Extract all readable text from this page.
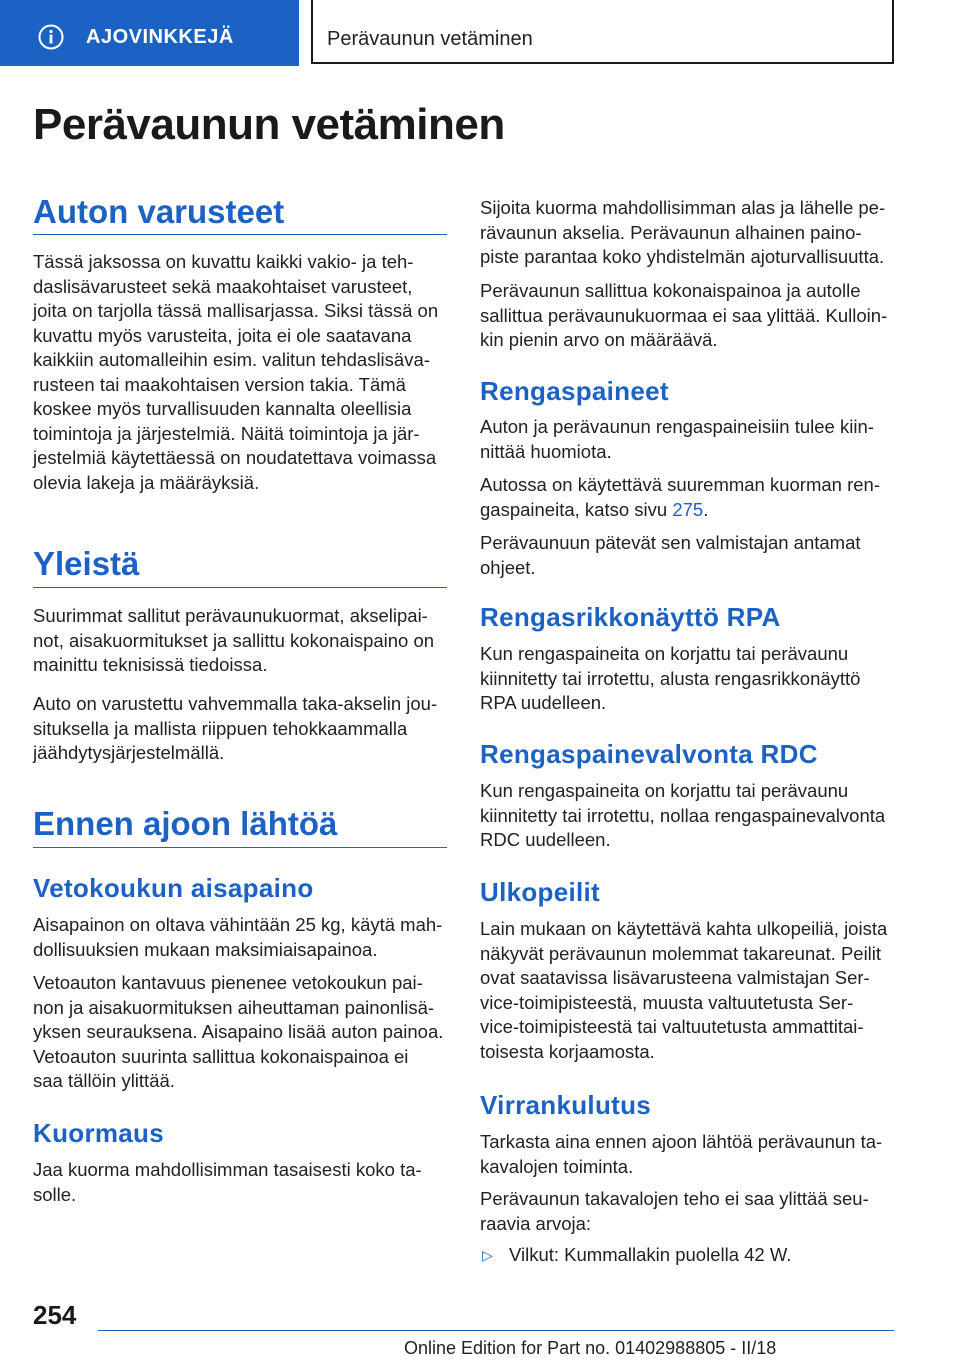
AJOVINKKEJÄ	Perävaunun vetäminen
Perävaunun vetäminen
Auton varusteet

Tässä jaksossa on kuvattu kaikki vakio- ja teh-
daslisävarusteet sekä maakohtaiset varusteet,
joita on tarjolla tässä mallisarjassa. Siksi tässä on
kuvattu myös varusteita, joita ei ole saatavana
kaikkiin automalleihin esim. valitun tehdaslisäva-
rusteen tai maakohtaisen version takia. Tämä
koskee myös turvallisuuden kannalta oleellisia
toimintoja ja järjestelmiä. Näitä toimintoja ja jär-
jestelmiä käytettäessä on noudatettava voimassa
olevia lakeja ja määräyksiä.

Yleistä

Suurimmat sallitut perävaunukuormat, akselipai-
not, aisakuormitukset ja sallittu kokonaispaino on
mainittu teknisissä tiedoissa.

Auto on varustettu vahvemmalla taka-akselin jou-
situksella ja mallista riippuen tehokkaammalla
jäähdytysjärjestelmällä.

Ennen ajoon lähtöä
Vetokoukun aisapaino

Aisapainon on oltava vähintään 25 kg, käytä mah-
dollisuuksien mukaan maksimiaisapainoa.

Vetoauton kantavuus pienenee vetokoukun pai-
non ja aisakuormituksen aiheuttaman painonlisä-
yksen seurauksena. Aisapaino lisää auton painoa.
Vetoauton suurinta sallittua kokonaispainoa ei
saa tällöin ylittää.

Kuormaus

Jaa kuorma mahdollisimman tasaisesti koko ta-
solle.

Sijoita kuorma mahdollisimman alas ja lähelle pe-
rävaunun akselia. Perävaunun alhainen paino-
piste parantaa koko yhdistelmän ajoturvallisuutta.

Perävaunun sallittua kokonaispainoa ja autolle
sallittua perävaunukuormaa ei saa ylittää. Kulloin-
kin pienin arvo on määräävä.

Rengaspaineet

Auton ja perävaunun rengaspaineisiin tulee kiin-
nittää huomiota.

Autossa on käytettävä suuremman kuorman ren-
gaspaineita, katso sivu 275.

Perävaunuun pätevät sen valmistajan antamat
ohjeet.

Rengasrikkonäyttö RPA

Kun rengaspaineita on korjattu tai perävaunu
kiinnitetty tai irrotettu, alusta rengasrikkonäyttö
RPA uudelleen.

Rengaspainevalvonta RDC

Kun rengaspaineita on korjattu tai perävaunu
kiinnitetty tai irrotettu, nollaa rengaspainevalvonta
RDC uudelleen.

Ulkopeilit

Lain mukaan on käytettävä kahta ulkopeiliä, joista
näkyvät perävaunun molemmat takareunat. Peilit
ovat saatavissa lisävarusteena valmistajan Ser-
vice-toimipisteestä, muusta valtuutetusta Ser-
vice-toimipisteestä tai valtuutetusta ammattitai-
toisesta korjaamosta.

Virrankulutus

Tarkasta aina ennen ajoon lähtöä perävaunun ta-
kavalojen toiminta.

Perävaunun takavalojen teho ei saa ylittää seu-
raavia arvoja:

▷ Vilkut: Kummallakin puolella 42 W.

254
Online Edition for Part no. 01402988805 - II/18
